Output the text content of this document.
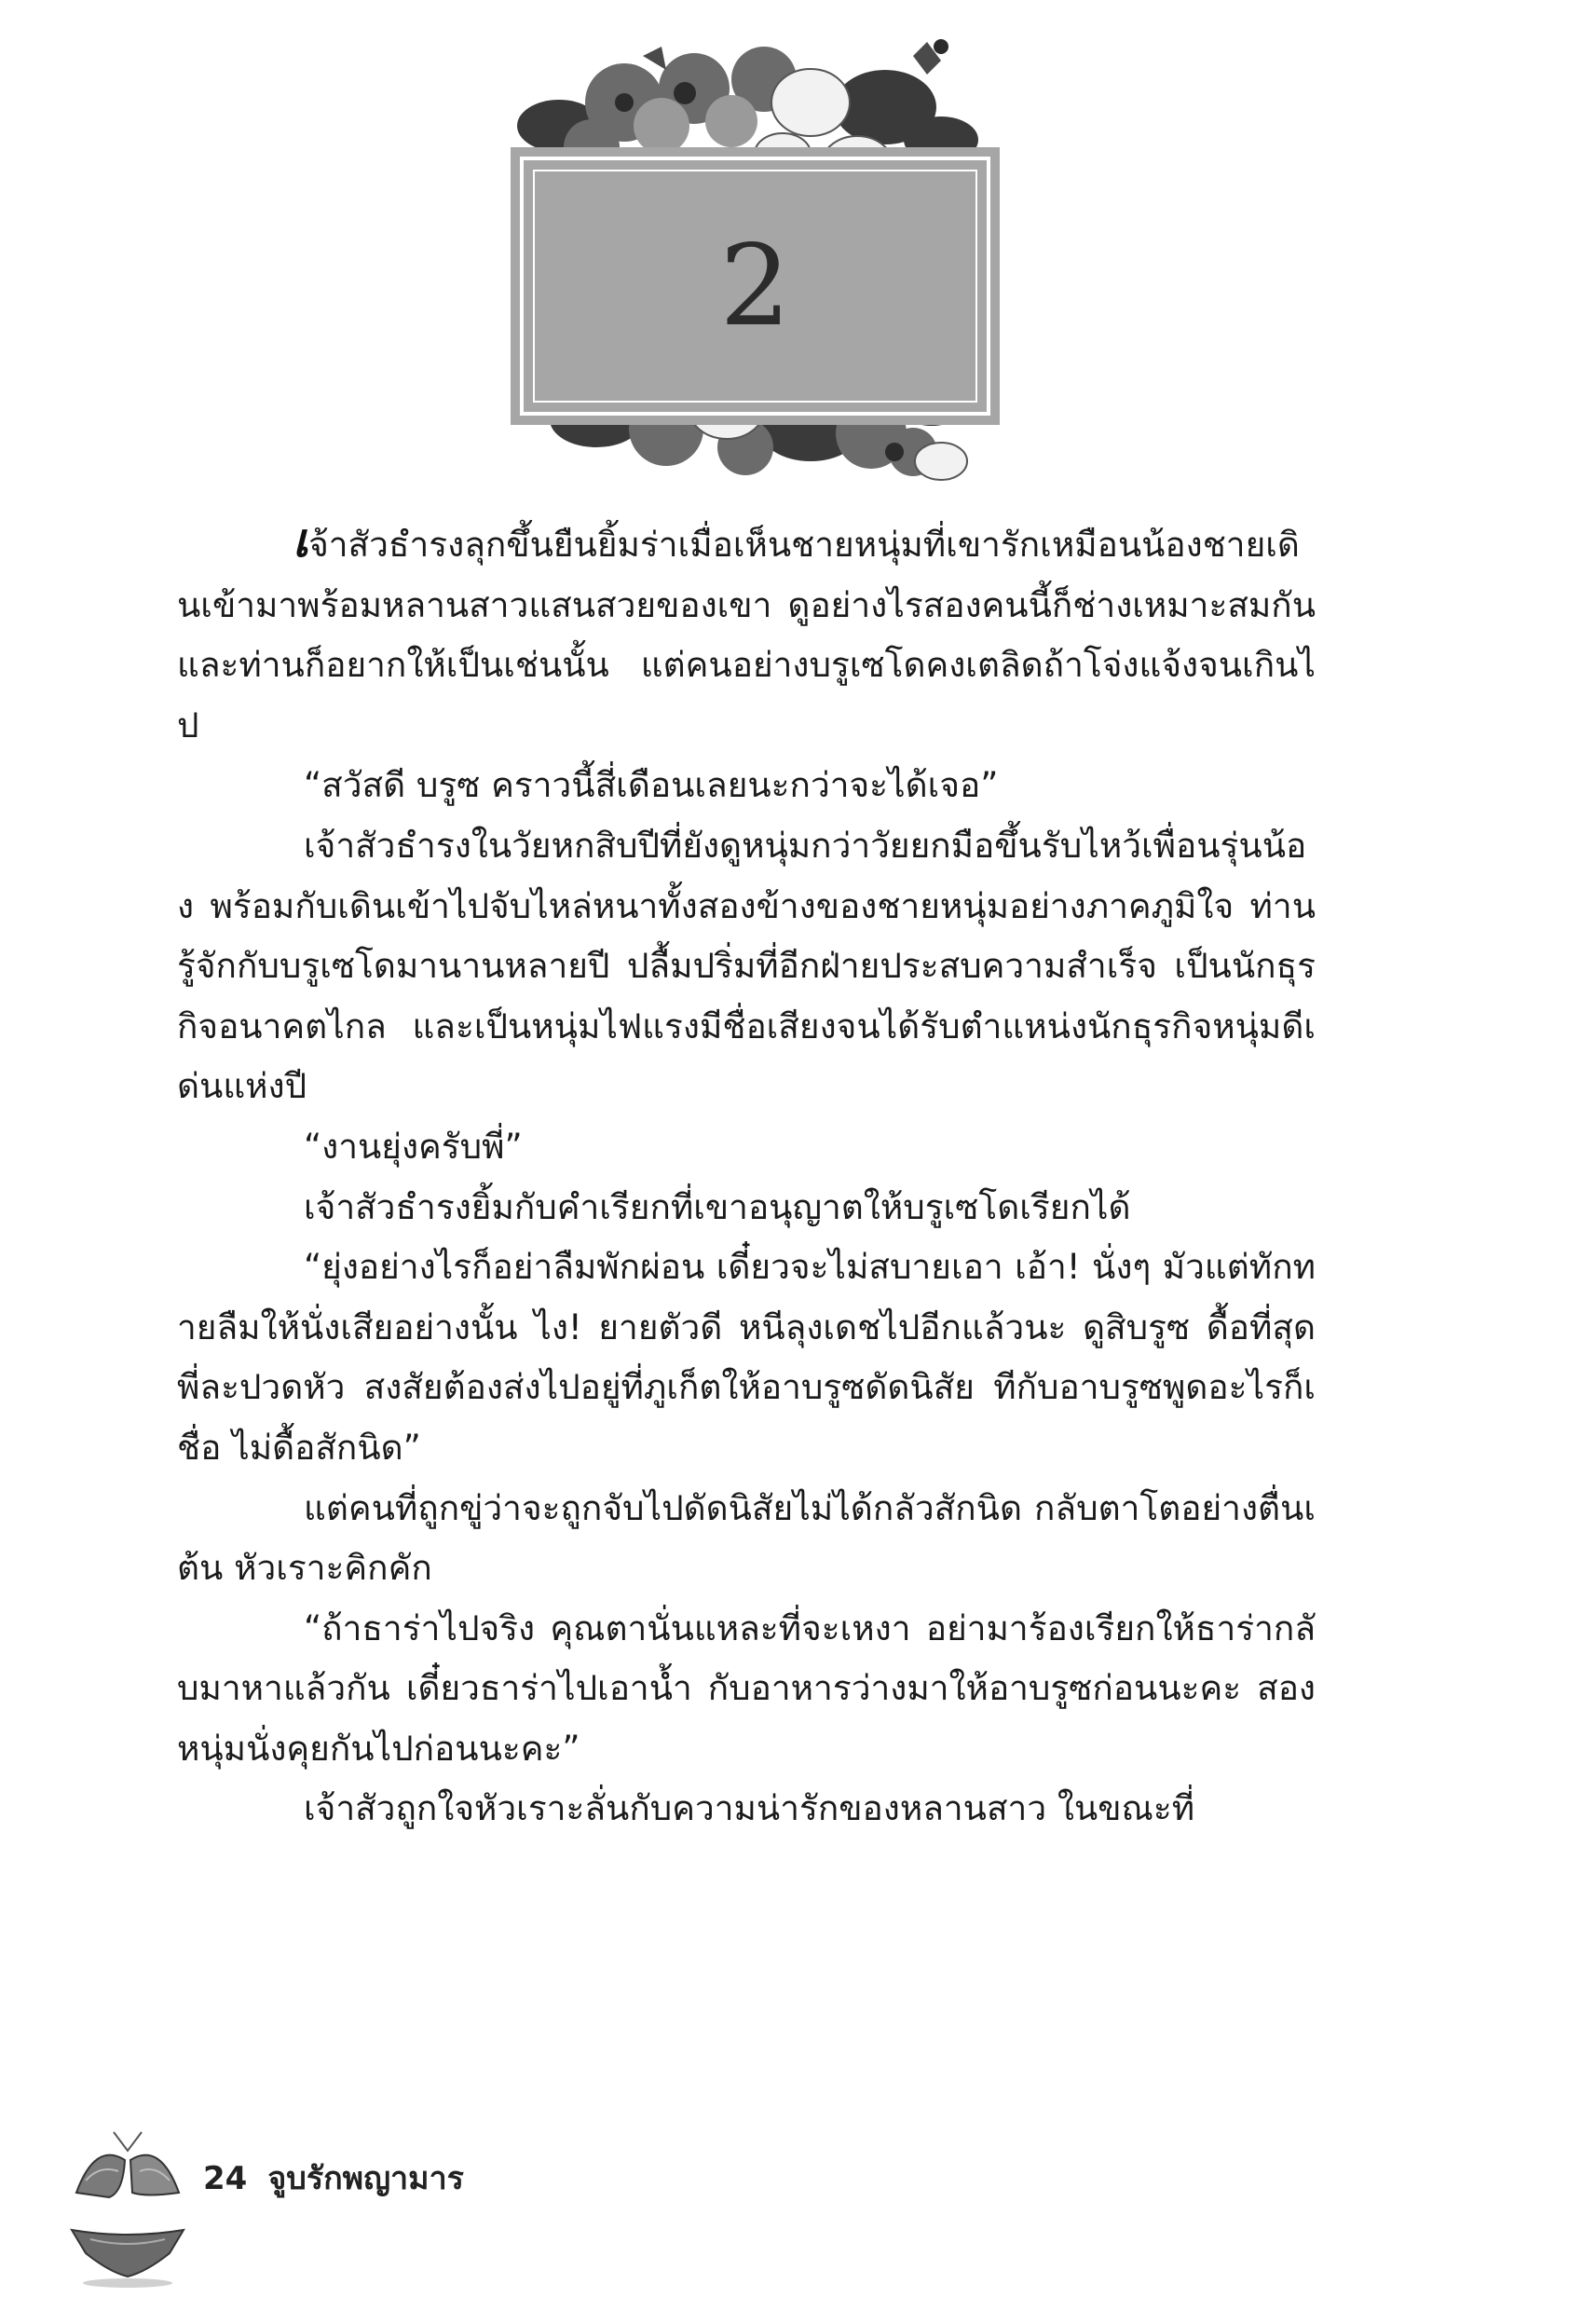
2

เจ้าสัวธำรงลุกขึ้นยืนยิ้มร่าเมื่อเห็นชายหนุ่มที่เขารักเหมือนน้องชายเดินเข้ามาพร้อมหลานสาวแสนสวยของเขา ดูอย่างไรสองคนนี้ก็ช่างเหมาะสมกัน และท่านก็อยากให้เป็นเช่นนั้น แต่คนอย่างบรูเซโดคงเตลิดถ้าโจ่งแจ้งจนเกินไป

“สวัสดี บรูซ คราวนี้สี่เดือนเลยนะกว่าจะได้เจอ”

เจ้าสัวธำรงในวัยหกสิบปีที่ยังดูหนุ่มกว่าวัยยกมือขึ้นรับไหว้เพื่อนรุ่นน้อง พร้อมกับเดินเข้าไปจับไหล่หนาทั้งสองข้างของชายหนุ่มอย่างภาคภูมิใจ ท่านรู้จักกับบรูเซโดมานานหลายปี ปลื้มปริ่มที่อีกฝ่ายประสบความสำเร็จ เป็นนักธุรกิจอนาคตไกล และเป็นหนุ่มไฟแรงมีชื่อเสียงจนได้รับตำแหน่งนักธุรกิจหนุ่มดีเด่นแห่งปี

“งานยุ่งครับพี่”

เจ้าสัวธำรงยิ้มกับคำเรียกที่เขาอนุญาตให้บรูเซโดเรียกได้

“ยุ่งอย่างไรก็อย่าลืมพักผ่อน เดี๋ยวจะไม่สบายเอา เอ้า! นั่งๆ มัวแต่ทักทายลืมให้นั่งเสียอย่างนั้น ไง! ยายตัวดี หนีลุงเดชไปอีกแล้วนะ ดูสิบรูซ ดื้อที่สุด พี่ละปวดหัว สงสัยต้องส่งไปอยู่ที่ภูเก็ตให้อาบรูซดัดนิสัย ทีกับอาบรูซพูดอะไรก็เชื่อ ไม่ดื้อสักนิด”

แต่คนที่ถูกขู่ว่าจะถูกจับไปดัดนิสัยไม่ได้กลัวสักนิด กลับตาโตอย่างตื่นเต้น หัวเราะคิกคัก

“ถ้าธาร่าไปจริง คุณตานั่นแหละที่จะเหงา อย่ามาร้องเรียกให้ธาร่ากลับมาหาแล้วกัน เดี๋ยวธาร่าไปเอาน้ำ กับอาหารว่างมาให้อาบรูซก่อนนะคะ สองหนุ่มนั่งคุยกันไปก่อนนะคะ”

เจ้าสัวถูกใจหัวเราะลั่นกับความน่ารักของหลานสาว ในขณะที่

24 จูบรักพญามาร
